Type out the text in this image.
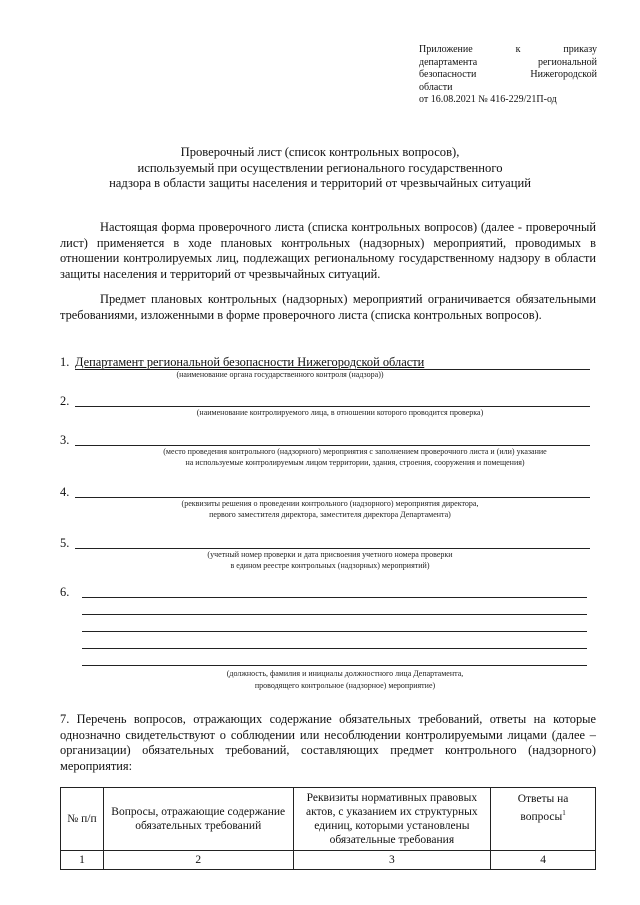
Приложение	к	приказу
департамента	региональной
безопасности	Нижегородской
области
от 16.08.2021 № 416-229/21П-од
Проверочный лист (список контрольных вопросов),
используемый при осуществлении регионального государственного
надзора в области защиты населения и территорий от чрезвычайных ситуаций
Настоящая форма проверочного листа (списка контрольных вопросов) (далее - проверочный лист) применяется в ходе плановых контрольных (надзорных) мероприятий, проводимых в отношении контролируемых лиц, подлежащих региональному государственному надзору в области защиты населения и территорий от чрезвычайных ситуаций.
Предмет плановых контрольных (надзорных) мероприятий ограничивается обязательными требованиями, изложенными в форме проверочного листа (списка контрольных вопросов).
1. Департамент региональной безопасности Нижегородской области
(наименование органа государственного контроля (надзора))
2.
(наименование контролируемого лица, в отношении которого проводится проверка)
3.
(место проведения контрольного (надзорного) мероприятия с заполнением проверочного листа и (или) указание
на используемые контролируемым лицом территории, здания, строения, сооружения и помещения)
4.
(реквизиты решения о проведении контрольного (надзорного) мероприятия директора,
первого заместителя директора, заместителя директора Департамента)
5.
(учетный номер проверки и дата присвоения учетного номера проверки
в едином реестре контрольных (надзорных) мероприятий)
6.
(должность, фамилия и инициалы должностного лица Департамента,
проводящего контрольное (надзорное) мероприятие)
7. Перечень вопросов, отражающих содержание обязательных требований, ответы на которые однозначно свидетельствуют о соблюдении или несоблюдении контролируемыми лицами (далее – организации) обязательных требований, составляющих предмет контрольного (надзорного) мероприятия:
№ п/п	Вопросы, отражающие содержание обязательных требований	Реквизиты нормативных правовых актов, с указанием их структурных единиц, которыми установлены обязательные требования	Ответы на вопросы$^1$
1	2	3	4
